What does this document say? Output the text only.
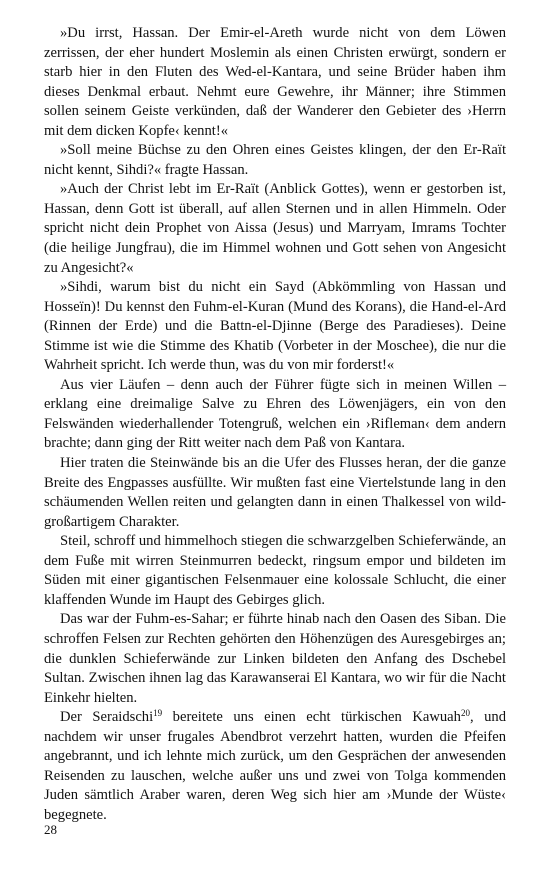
»Du irrst, Hassan. Der Emir-el-Areth wurde nicht von dem Löwen zerrissen, der eher hundert Moslemin als einen Christen erwürgt, sondern er starb hier in den Fluten des Wed-el-Kantara, und seine Brüder haben ihm dieses Denkmal erbaut. Nehmt eure Gewehre, ihr Männer; ihre Stimmen sollen seinem Geiste verkünden, daß der Wanderer den Gebieter des ›Herrn mit dem dicken Kopfe‹ kennt!«

»Soll meine Büchse zu den Ohren eines Geistes klingen, der den Er-Raït nicht kennt, Sihdi?« fragte Hassan.

»Auch der Christ lebt im Er-Raït (Anblick Gottes), wenn er gestorben ist, Hassan, denn Gott ist überall, auf allen Sternen und in allen Himmeln. Oder spricht nicht dein Prophet von Aissa (Jesus) und Marryam, Imrams Tochter (die heilige Jungfrau), die im Himmel wohnen und Gott sehen von Angesicht zu Angesicht?«

»Sihdi, warum bist du nicht ein Sayd (Abkömmling von Hassan und Hosseïn)! Du kennst den Fuhm-el-Kuran (Mund des Korans), die Hand-el-Ard (Rinnen der Erde) und die Battn-el-Djinne (Berge des Paradieses). Deine Stimme ist wie die Stimme des Khatib (Vorbeter in der Moschee), die nur die Wahrheit spricht. Ich werde thun, was du von mir forderst!«

Aus vier Läufen – denn auch der Führer fügte sich in meinen Willen – erklang eine dreimalige Salve zu Ehren des Löwenjägers, ein von den Felswänden wiederhallender Totengruß, welchen ein ›Rifleman‹ dem andern brachte; dann ging der Ritt weiter nach dem Paß von Kantara.

Hier traten die Steinwände bis an die Ufer des Flusses heran, der die ganze Breite des Engpasses ausfüllte. Wir mußten fast eine Viertelstunde lang in den schäumenden Wellen reiten und gelangten dann in einen Thalkessel von wild-großartigem Charakter.

Steil, schroff und himmelhoch stiegen die schwarzgelben Schieferwände, an dem Fuße mit wirren Steinmurren bedeckt, ringsum empor und bildeten im Süden mit einer gigantischen Felsenmauer eine kolossale Schlucht, die einer klaffenden Wunde im Haupt des Gebirges glich.

Das war der Fuhm-es-Sahar; er führte hinab nach den Oasen des Siban. Die schroffen Felsen zur Rechten gehörten den Höhenzügen des Auresgebirges an; die dunklen Schieferwände zur Linken bildeten den Anfang des Dschebel Sultan. Zwischen ihnen lag das Karawanserai El Kantara, wo wir für die Nacht Einkehr hielten.

Der Seraidschi$^{19}$ bereitete uns einen echt türkischen Kawuah$^{20}$, und nachdem wir unser frugales Abendbrot verzehrt hatten, wurden die Pfeifen angebrannt, und ich lehnte mich zurück, um den Gesprächen der anwesenden Reisenden zu lauschen, welche außer uns und zwei von Tolga kommenden Juden sämtlich Araber waren, deren Weg sich hier am ›Munde der Wüste‹ begegnete.

28
